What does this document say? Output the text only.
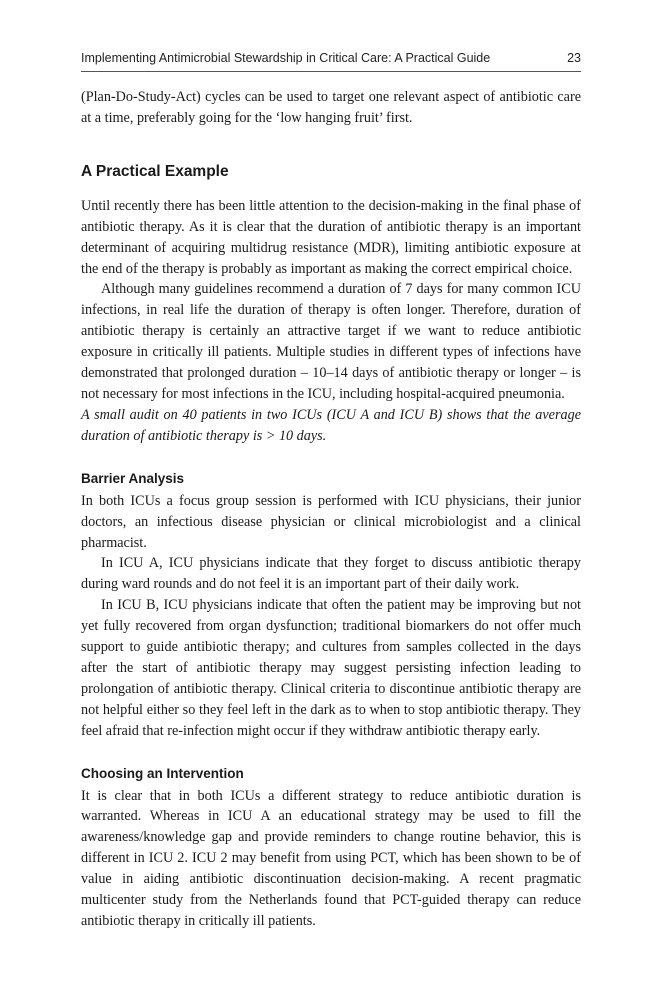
Implementing Antimicrobial Stewardship in Critical Care: A Practical Guide	23

(Plan-Do-Study-Act) cycles can be used to target one relevant aspect of antibiotic care at a time, preferably going for the ‘low hanging fruit’ first.

A Practical Example

Until recently there has been little attention to the decision-making in the final phase of antibiotic therapy. As it is clear that the duration of antibiotic therapy is an important determinant of acquiring multidrug resistance (MDR), limiting antibiotic exposure at the end of the therapy is probably as important as making the correct empirical choice.

Although many guidelines recommend a duration of 7 days for many common ICU infections, in real life the duration of therapy is often longer. Therefore, duration of antibiotic therapy is certainly an attractive target if we want to reduce antibiotic exposure in critically ill patients. Multiple studies in different types of infections have demonstrated that prolonged duration – 10–14 days of antibiotic therapy or longer – is not necessary for most infections in the ICU, including hospital-acquired pneumonia.

A small audit on 40 patients in two ICUs (ICU A and ICU B) shows that the average duration of antibiotic therapy is > 10 days.

Barrier Analysis

In both ICUs a focus group session is performed with ICU physicians, their junior doctors, an infectious disease physician or clinical microbiologist and a clinical pharmacist.

In ICU A, ICU physicians indicate that they forget to discuss antibiotic therapy during ward rounds and do not feel it is an important part of their daily work.

In ICU B, ICU physicians indicate that often the patient may be improving but not yet fully recovered from organ dysfunction; traditional biomarkers do not offer much support to guide antibiotic therapy; and cultures from samples collected in the days after the start of antibiotic therapy may suggest persisting infection leading to prolongation of antibiotic therapy. Clinical criteria to discontinue antibiotic therapy are not helpful either so they feel left in the dark as to when to stop antibiotic therapy. They feel afraid that re-infection might occur if they withdraw antibiotic therapy early.

Choosing an Intervention

It is clear that in both ICUs a different strategy to reduce antibiotic duration is warranted. Whereas in ICU A an educational strategy may be used to fill the awareness/knowledge gap and provide reminders to change routine behavior, this is different in ICU 2. ICU 2 may benefit from using PCT, which has been shown to be of value in aiding antibiotic discontinuation decision-making. A recent pragmatic multicenter study from the Netherlands found that PCT-guided therapy can reduce antibiotic therapy in critically ill patients.
